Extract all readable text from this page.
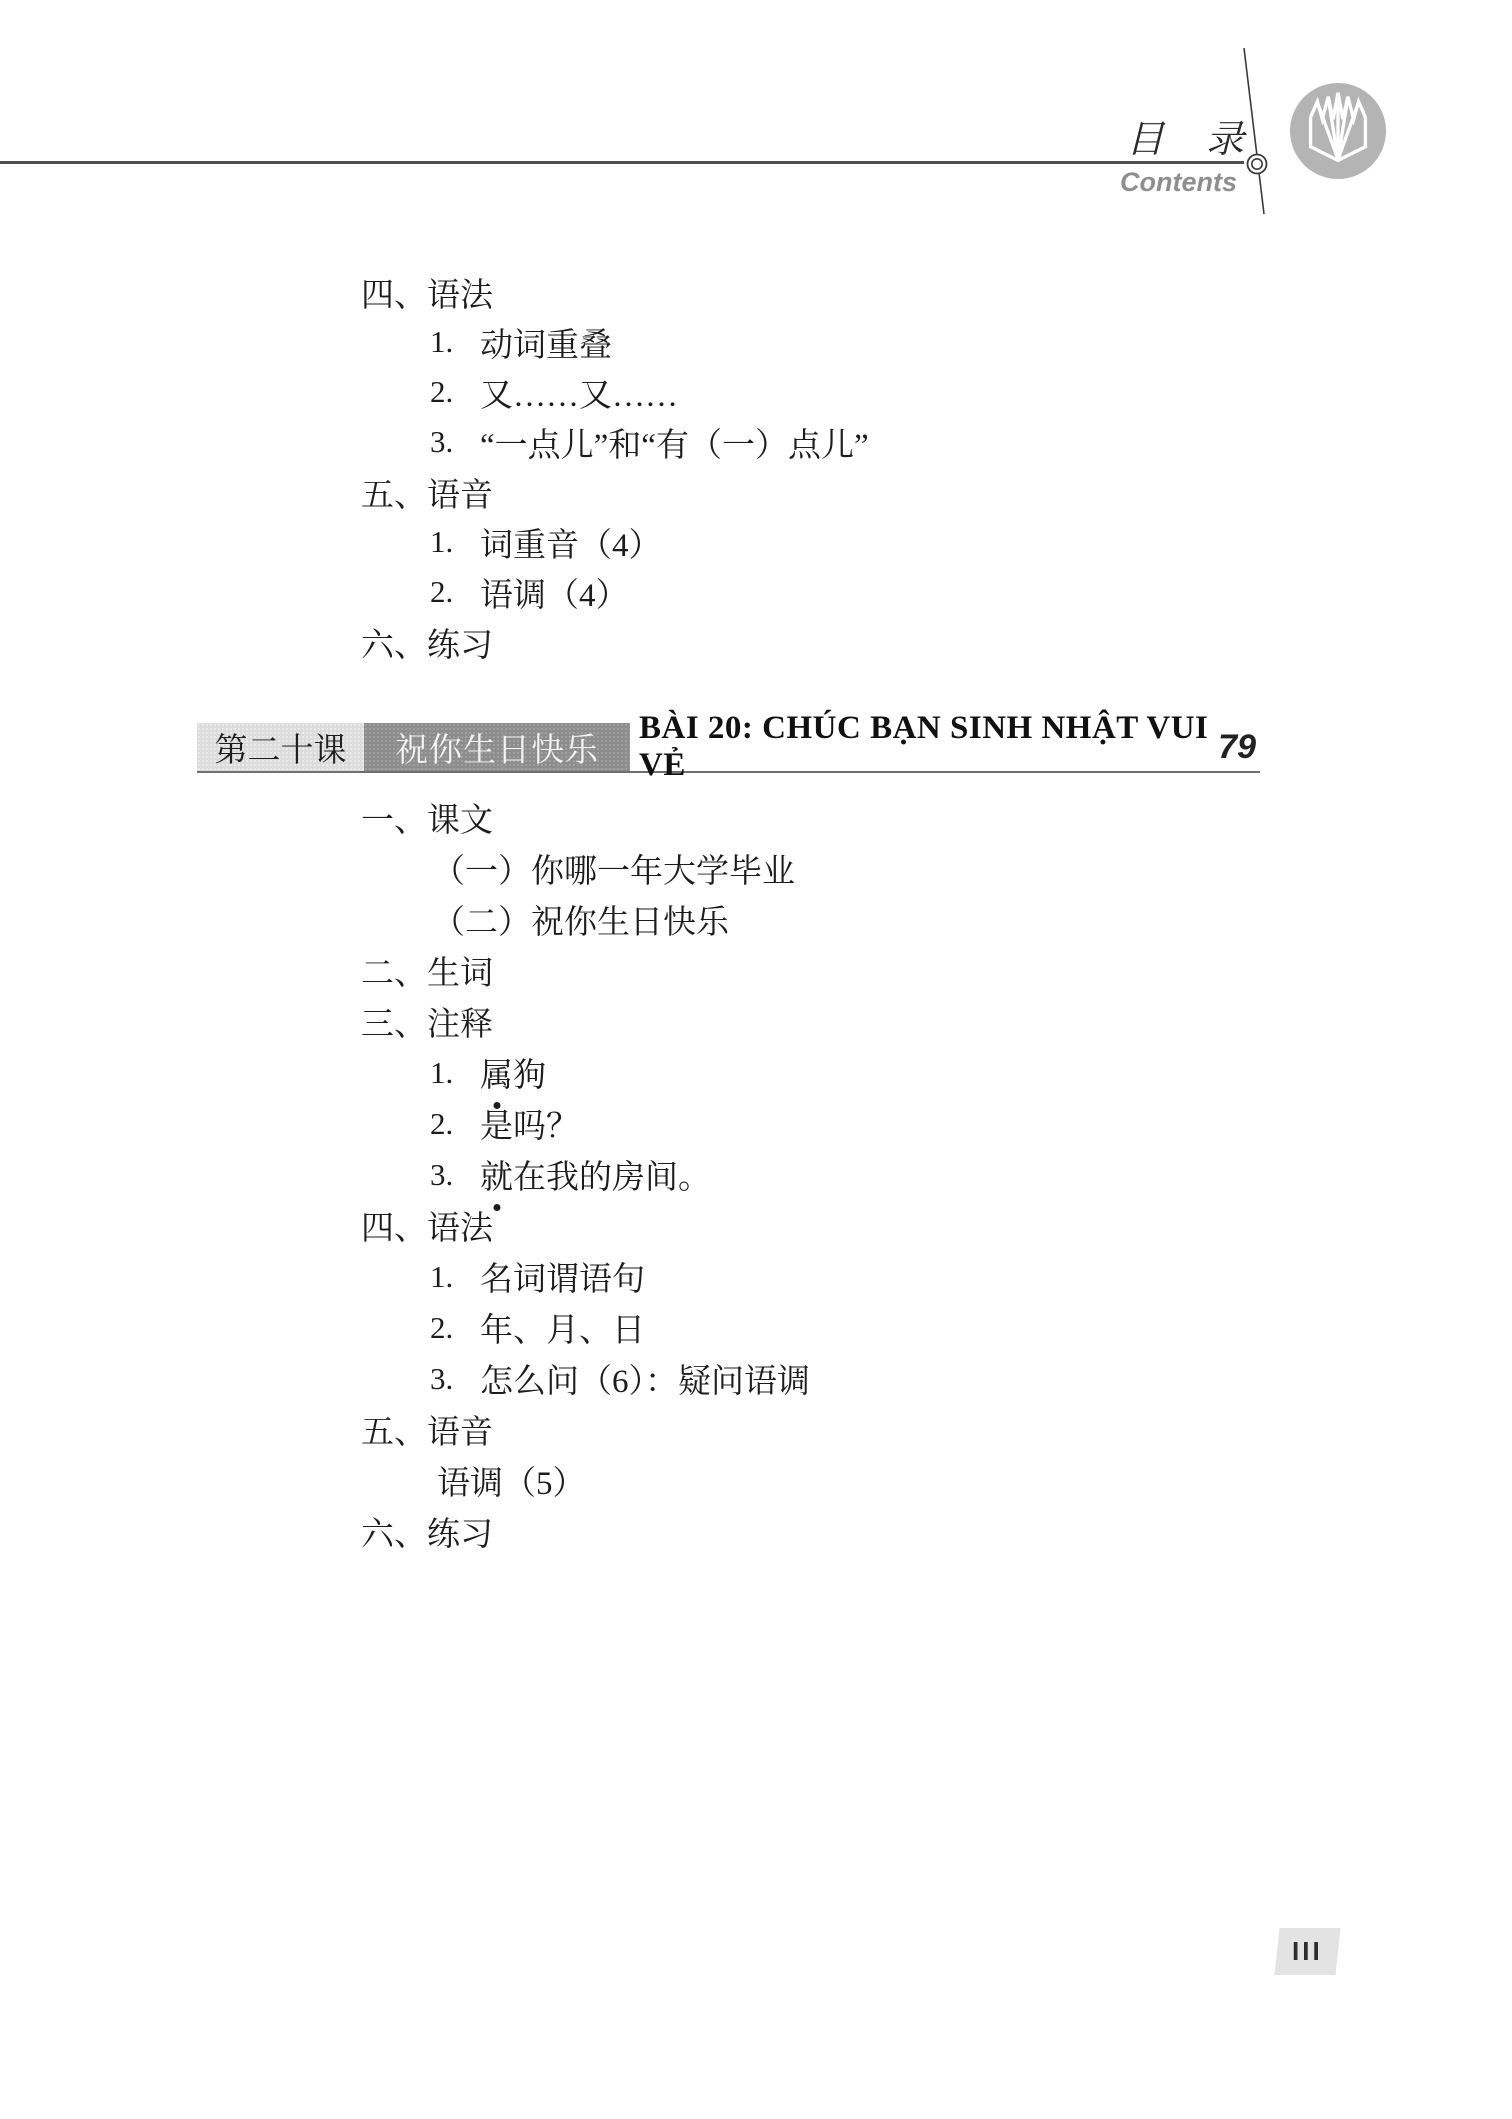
目　录
Contents
四、语法
1. 动词重叠
2. 又……又……
3. “一点儿”和“有（一）点儿”
五、语音
1. 词重音（4）
2. 语调（4）
六、练习
第二十课	祝你生日快乐
BÀI 20: CHÚC BẠN SINH NHẬT VUI VẺ	79
一、课文
（一）你哪一年大学毕业
（二）祝你生日快乐
二、生词
三、注释
1. 属狗
2. 是吗？
3. 就在我的房间。
四、语法
1. 名词谓语句
2. 年、月、日
3. 怎么问（6）：疑问语调
五、语音
语调（5）
六、练习
III
